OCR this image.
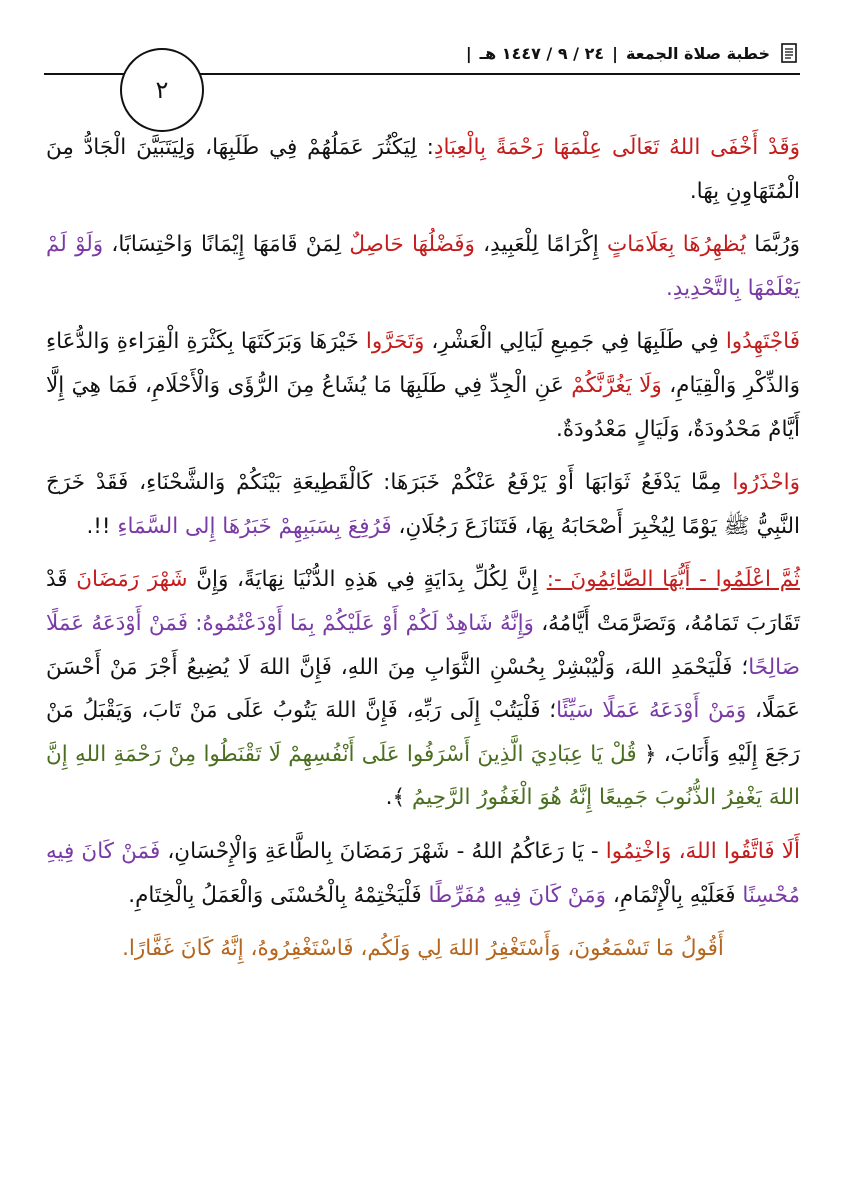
خطبة صلاة الجمعة
|
٢٤ / ٩ / ١٤٤٧ هـ
|
٢

وَقَدْ أَخْفَى اللهُ تَعَالَى عِلْمَهَا رَحْمَةً بِالْعِبَادِ: لِيَكْثُرَ عَمَلُهُمْ فِي طَلَبِهَا، وَلِيَتَبَيَّنَ الْجَادُّ مِنَ الْمُتَهَاوِنِ بِهَا.

وَرُبَّمَا يُظهِرُهَا بِعَلَامَاتٍ إِكْرَامًا لِلْعَبِيدِ، وَفَضْلُهَا حَاصِلٌ لِمَنْ قَامَهَا إِيْمَانًا وَاحْتِسَابًا، وَلَوْ لَمْ يَعْلَمْهَا بِالتَّحْدِيدِ.

فَاجْتَهِدُوا فِي طَلَبِهَا فِي جَمِيعِ لَيَالِي الْعَشْرِ، وَتَحَرَّوا خَيْرَهَا وَبَرَكَتَهَا بِكَثْرَةِ الْقِرَاءةِ وَالدُّعَاءِ وَالذِّكْرِ وَالْقِيَامِ، وَلَا يَغُرَّنَّكُمْ عَنِ الْجِدِّ فِي طَلَبِهَا مَا يُشَاعُ مِنَ الرُّؤَى وَالْأَحْلَامِ، فَمَا هِيَ إِلَّا أَيَّامٌ مَحْدُودَةٌ، وَلَيَالٍ مَعْدُودَةٌ.

وَاحْذَرُوا مِمَّا يَدْفَعُ ثَوَابَهَا أَوْ يَرْفَعُ عَنْكُمْ خَبَرَهَا: كَالْقَطِيعَةِ بَيْنَكُمْ وَالشَّحْنَاءِ، فَقَدْ خَرَجَ النَّبِيُّ ﷺ يَوْمًا لِيُخْبِرَ أَصْحَابَهُ بِهَا، فَتَنَازَعَ رَجُلَانِ، فَرُفِعَ بِسَبَبِهِمْ خَبَرُهَا إِلى السَّمَاءِ !!.

ثُمَّ اعْلَمُوا - أَيُّهَا الصَّائِمُونَ -: إِنَّ لِكُلِّ بِدَايَةٍ فِي هَذِهِ الدُّنْيَا نِهَايَةً، وَإِنَّ شَهْرَ رَمَضَانَ قَدْ تَقَارَبَ تَمَامُهُ، وَتَصَرَّمَتْ أَيَّامُهُ، وَإِنَّهُ شَاهِدٌ لَكُمْ أَوْ عَلَيْكُمْ بِمَا أَوْدَعْتُمُوهُ: فَمَنْ أَوْدَعَهُ عَمَلًا صَالِحًا؛ فَلْيَحْمَدِ اللهَ، وَلْيُبْشِرْ بِحُسْنِ الثَّوَابِ مِنَ اللهِ، فَإِنَّ اللهَ لَا يُضِيعُ أَجْرَ مَنْ أَحْسَنَ عَمَلًا، وَمَنْ أَوْدَعَهُ عَمَلًا سَيِّئًا؛ فَلْيَتُبْ إِلَى رَبِّهِ، فَإِنَّ اللهَ يَتُوبُ عَلَى مَنْ تَابَ، وَيَقْبَلُ مَنْ رَجَعَ إِلَيْهِ وَأَنَابَ، ﴿ قُلْ يَا عِبَادِيَ الَّذِينَ أَسْرَفُوا عَلَى أَنْفُسِهِمْ لَا تَقْنَطُوا مِنْ رَحْمَةِ اللهِ إِنَّ اللهَ يَغْفِرُ الذُّنُوبَ جَمِيعًا إِنَّهُ هُوَ الْغَفُورُ الرَّحِيمُ ﴾.

أَلَا فَاتَّقُوا اللهَ، وَاخْتِمُوا - يَا رَعَاكُمُ اللهُ - شَهْرَ رَمَضَانَ بِالطَّاعَةِ وَالْإِحْسَانِ، فَمَنْ كَانَ فِيهِ مُحْسِنًا فَعَلَيْهِ بِالْإِتْمَامِ، وَمَنْ كَانَ فِيهِ مُفَرِّطًا فَلْيَخْتِمْهُ بِالْحُسْنَى وَالْعَمَلُ بِالْخِتَامِ.

أَقُولُ مَا تَسْمَعُونَ، وَأَسْتَغْفِرُ اللهَ لِي وَلَكُم، فَاسْتَغْفِرُوهُ، إِنَّهُ كَانَ غَفَّارًا.
